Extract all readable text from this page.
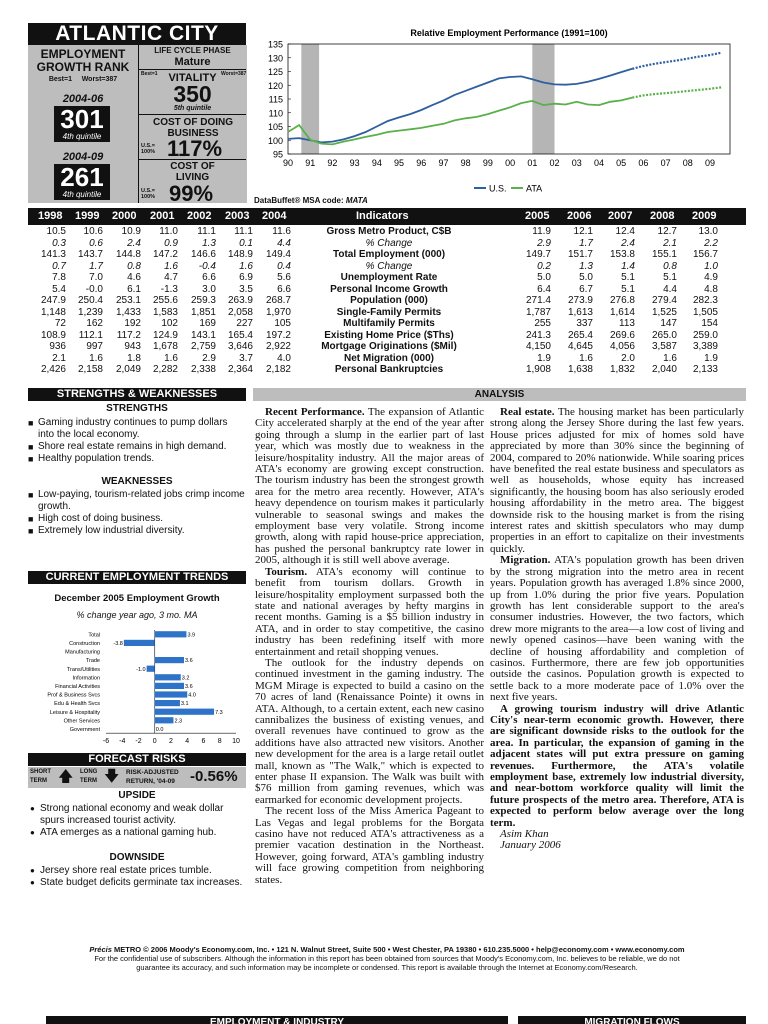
ATLANTIC CITY
EMPLOYMENT GROWTH RANK
Best=1     Worst=387
2004-06
301
4th quintile
2004-09
261
4th quintile
LIFE CYCLE PHASE
Mature
Best=1	Worst=387
VITALITY
350
5th quintile
COST OF DOING BUSINESS
U.S.= 100% 117%
COST OF LIVING
U.S.= 100% 99%
Relative Employment Performance (1991=100)
95
100
105
110
115
120
125
130
135
90 91 92 93 94 95 96 97 98 99 00 01 02 03 04 05 06 07 08 09
U.S. ATA
DataBuffet® MSA code: MATA
1998 1999 2000 2001 2002 2003 2004	Indicators	2005 2006 2007 2008 2009
10.5 10.6 10.9 11.0 11.1 11.1 11.6	Gross Metro Product, C$B	11.9 12.1 12.4 12.7 13.0
0.3 0.6 2.4 0.9 1.3 0.1 4.4	% Change	2.9	1.7	2.4	2.1	2.2
141.3 143.7 144.8 147.2 146.6 148.9 149.4	Total Employment (000)	149.7 151.7 153.8 155.1 156.7
0.7 1.7 0.8 1.6 -0.4 1.6 0.4	% Change	0.2	1.3	1.4	0.8	1.0
7.8 7.0 4.6 4.7 6.6 6.9 5.6	Unemployment Rate	5.0	5.0	5.1	5.1	4.9
5.4 -0.0 6.1 -1.3 3.0 3.5 6.6	Personal Income Growth	6.4	6.7	5.1	4.4	4.8
247.9 250.4 253.1 255.6 259.3 263.9 268.7	Population (000)	271.4 273.9 276.8 279.4 282.3
1,148 1,239 1,433 1,583 1,851 2,058 1,970	Single-Family Permits	1,787 1,613 1,614 1,525 1,505
72 162 192 102 169 227 105	Multifamily Permits	255	337	113	147 154
108.9 112.1 117.2 124.9 143.1 165.4 197.2	Existing Home Price ($Ths)	241.3 265.4 269.6 265.0 259.0
936 997 943 1,678 2,759 3,646 2,922	Mortgage Originations ($Mil)	4,150 4,645 4,056 3,587 3,389
2.1 1.6 1.8 1.6 2.9 3.7 4.0	Net Migration (000)	1.9	1.6	2.0	1.6	1.9
2,426 2,158 2,049 2,282 2,338 2,364 2,182	Personal Bankruptcies	1,908 1,638 1,832 2,040 2,133
STRENGTHS & WEAKNESSES
STRENGTHS
■ Gaming industry continues to pump dollars into the local economy.
■ Shore real estate remains in high demand.
■ Healthy population trends.
WEAKNESSES
■ Low-paying, tourism-related jobs crimp income growth.
■ High cost of doing business.
■ Extremely low industrial diversity.
CURRENT EMPLOYMENT TRENDS
December 2005 Employment Growth
% change year ago, 3 mo. MA
Total	3.9
Construction -3.8
Manufacturing
Trade	3.6
Trans/Utilities	-1.0
Information	3.2
Financial Activities	3.6
Prof & Business Svcs	4.0
Edu & Health Svcs	3.1
Leisure & Hospitality	7.3
Other Services	2.3
Government	0.0
-6 -4 -2 0 2 4 6 8 10
FORECAST RISKS
SHORT TERM 🡅 LONG TERM 🡇 RISK-ADJUSTED RETURN, '04-09	-0.56%
UPSIDE
● Strong national economy and weak dollar spurs increased tourist activity.
● ATA emerges as a national gaming hub.
DOWNSIDE
● Jersey shore real estate prices tumble.
● State budget deficits germinate tax increases.
ANALYSIS

Recent Performance. The expansion of Atlantic City accelerated sharply at the end of the year after going through a slump in the earlier part of last year, which was mostly due to weakness in the leisure/hospitality industry. All the major areas of ATA's economy are growing except construction. The tourism industry has been the strongest growth area for the metro area recently. However, ATA's heavy dependence on tourism makes it particularly vulnerable to seasonal swings and makes the employment base very volatile. Strong income growth, along with rapid house-price appreciation, has pushed the personal bankruptcy rate lower in 2005, although it is still well above average.

Tourism. ATA's economy will continue to benefit from tourism dollars. Growth in leisure/hospitality employment surpassed both the state and national averages by hefty margins in recent months. Gaming is a $5 billion industry in ATA, and in order to stay competitive, the casino industry has been redefining itself with more entertainment and retail shopping venues.

The outlook for the industry depends on continued investment in the gaming industry. The MGM Mirage is expected to build a casino on the 70 acres of land (Renaissance Pointe) it owns in ATA. Although, to a certain extent, each new casino cannibalizes the business of existing venues, and overall revenues have continued to grow as the additions have also attracted new visitors. Another new development for the area is a large retail outlet mall, known as "The Walk," which is expected to enter phase II expansion. The Walk was built with $76 million from gaming revenues, which was earmarked for economic development projects.

The recent loss of the Miss America Pageant to Las Vegas and legal problems for the Borgata casino have not reduced ATA's attractiveness as a premier vacation destination in the Northeast. However, going forward, ATA's gambling industry will face growing competition from neighboring states.

Real estate. The housing market has been particularly strong along the Jersey Shore during the last few years. House prices adjusted for mix of homes sold have appreciated by more than 30% since the beginning of 2004, compared to 20% nationwide. While soaring prices have benefited the real estate business and speculators as well as households, whose equity has increased significantly, the housing boom has also seriously eroded housing affordability in the metro area. The biggest downside risk to the housing market is from the rising interest rates and skittish speculators who may dump properties in an effort to capitalize on their investments quickly.

Migration. ATA's population growth has been driven by the strong migration into the metro area in recent years. Population growth has averaged 1.8% since 2000, up from 1.0% during the prior five years. Population growth has lent considerable support to the area's consumer industries. However, the two factors, which drew more migrants to the area—a low cost of living and newly opened casinos—have been waning with the decline of housing affordability and completion of casinos. Furthermore, there are few job opportunities outside the casinos. Population growth is expected to settle back to a more moderate pace of 1.0% over the next five years.

A growing tourism industry will drive Atlantic City's near-term economic growth. However, there are significant downside risks to the outlook for the area. In particular, the expansion of gaming in the adjacent states will put extra pressure on gaming revenues. Furthermore, the ATA's volatile employment base, extremely low industrial diversity, and near-bottom workforce quality will limit the future prospects of the metro area. Therefore, ATA is expected to perform below average over the long term.

Asim Khan

January 2006

Précis METRO © 2006 Moody's Economy.com, Inc. • 121 N. Walnut Street, Suite 500 • West Chester, PA 19380 • 610.235.5000 • help@economy.com • www.economy.com
For the confidential use of subscribers. Although the information in this report has been obtained from sources that Moody's Economy.com, Inc. believes to be reliable, we do not
guarantee its accuracy, and such information may be incomplete or condensed. This report is available through the Internet at Economy.com/Research.
EMPLOYMENT & INDUSTRY	MIGRATION FLOWS
